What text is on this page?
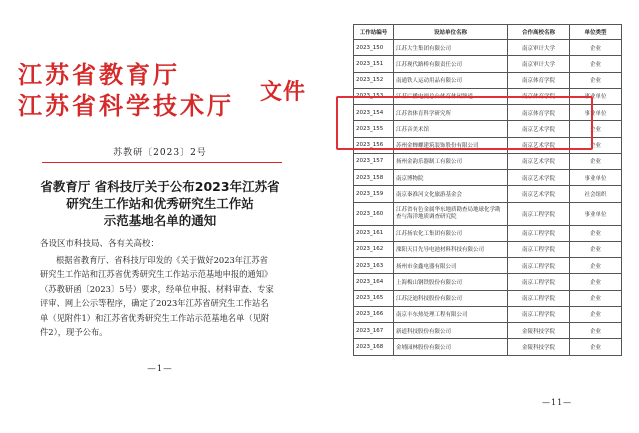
江苏省教育厅
江苏省科学技术厅 文件
苏教研〔2023〕2号
省教育厅 省科技厅关于公布2023年江苏省
研究生工作站和优秀研究生工作站
示范基地名单的通知
各设区市科技局、各有关高校：
根据省教育厅、省科技厅印发的《关于做好2023年江苏省
研究生工作站和江苏省优秀研究生工作站示范基地申报的通知》
（苏教研函〔2023〕5号）要求，经单位申报、材料审查、专家
评审、网上公示等程序，确定了2023年江苏省研究生工作站名
单（见附件1）和江苏省优秀研究生工作站示范基地名单（见附
件2），现予公布。
—1—
工作站编号	设站单位名称	合作高校名称	单位类型
2023_150	江苏大生集团有限公司	南京审计大学	企业
2023_151	江苏现代路桥有限责任公司	南京审计大学	企业
2023_152	南通铁人运动用品有限公司	南京体育学院	企业
2023_153	江苏广播电视总台体育休闲频道	南京体育学院	事业单位
2023_154	江苏省体育科学研究所	南京体育学院	事业单位
2023_155	江苏音美术馆	南京艺术学院	企业
2023_156	苏州金蝉螺建筑装饰股份有限公司	南京艺术学院	企业
2023_157	扬州金韵乐器制工有限公司	南京艺术学院	企业
2023_158	南京博物院	南京艺术学院	事业单位
2023_159	南京秦淮河文化旅游基金会	南京艺术学院	社会组织
2023_160	江苏省有色金属华东地质勘查局地球化学勘查与海洋地质调查研究院	南京工程学院	事业单位
2023_161	江苏扬农化工集团有限公司	南京工程学院	企业
2023_162	溧阳天目先导电池材料科技有限公司	南京工程学院	企业
2023_163	扬州市金鑫电器有限公司	南京工程学院	企业
2023_164	上海梅山钢铁股份有限公司	南京工程学院	企业
2023_165	江苏泛迪科技股份有限公司	南京工程学院	企业
2023_166	南京丰东热处理工程有限公司	南京工程学院	企业
2023_167	新道科技股份有限公司	金陵科技学院	企业
2023_168	金埔园林股份有限公司	金陵科技学院	企业
—11—
